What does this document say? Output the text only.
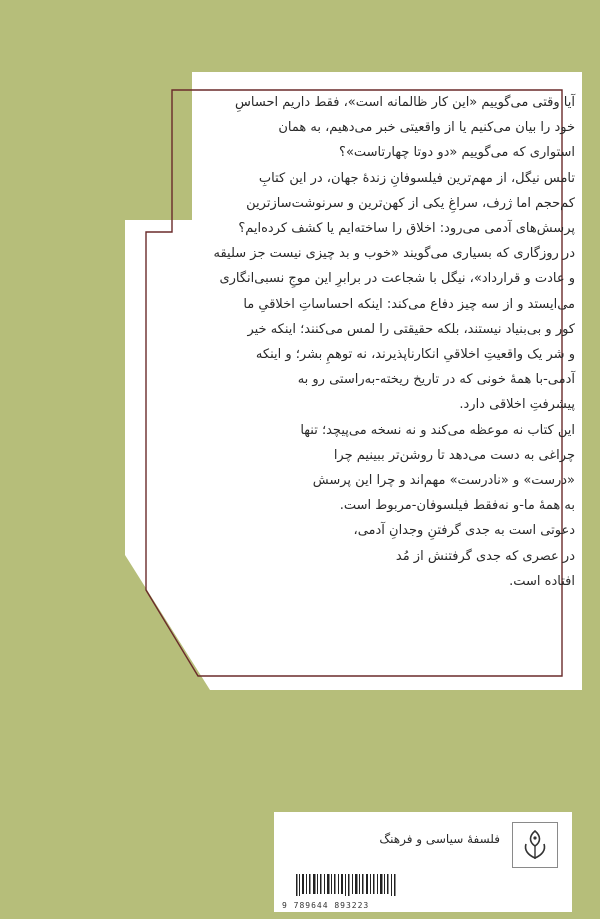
آیا وقتی می‌گوییم «این کار ظالمانه است»، فقط داریم احساسِ
خود را بیان می‌کنیم یا از واقعیتی خبر می‌دهیم، به همان
استواری که می‌گوییم «دو دوتا چهارتاست»؟
تامس نیگل، از مهم‌ترین فیلسوفانِ زندهٔ جهان، در این کتابِ
کم‌حجم اما ژرف، سراغِ یکی از کهن‌ترین و سرنوشت‌سازترین
پرسش‌های آدمی می‌رود: اخلاق را ساخته‌ایم یا کشف کرده‌ایم؟
در روزگاری که بسیاری می‌گویند «خوب و بد چیزی نیست جز سلیقه
و عادت و قرارداد»، نیگل با شجاعت در برابرِ این موجِ نسبی‌انگاری
می‌ایستد و از سه چیز دفاع می‌کند: اینکه احساساتِ اخلاقیِ ما
کور و بی‌بنیاد نیستند، بلکه حقیقتی را لمس می‌کنند؛ اینکه خیر
و شر یک واقعیتِ اخلاقیِ انکارناپذیرند، نه توهمِ بشر؛ و اینکه
آدمی-با همهٔ خونی که در تاریخ ریخته-به‌راستی رو به
پیشرفتِ اخلاقی دارد.
این کتاب نه موعظه می‌کند و نه نسخه می‌پیچد؛ تنها
چراغی به دست می‌دهد تا روشن‌تر ببینیم چرا
«درست» و «نادرست» مهم‌اند و چرا این پرسش
به همهٔ ما-و نه‌فقط فیلسوفان-مربوط است.
دعوتی است به جدی گرفتنِ وجدانِ آدمی،
در عصری که جدی گرفتنش از مُد
افتاده است.
فلسفهٔ سیاسی و فرهنگ
9 789644 893223
